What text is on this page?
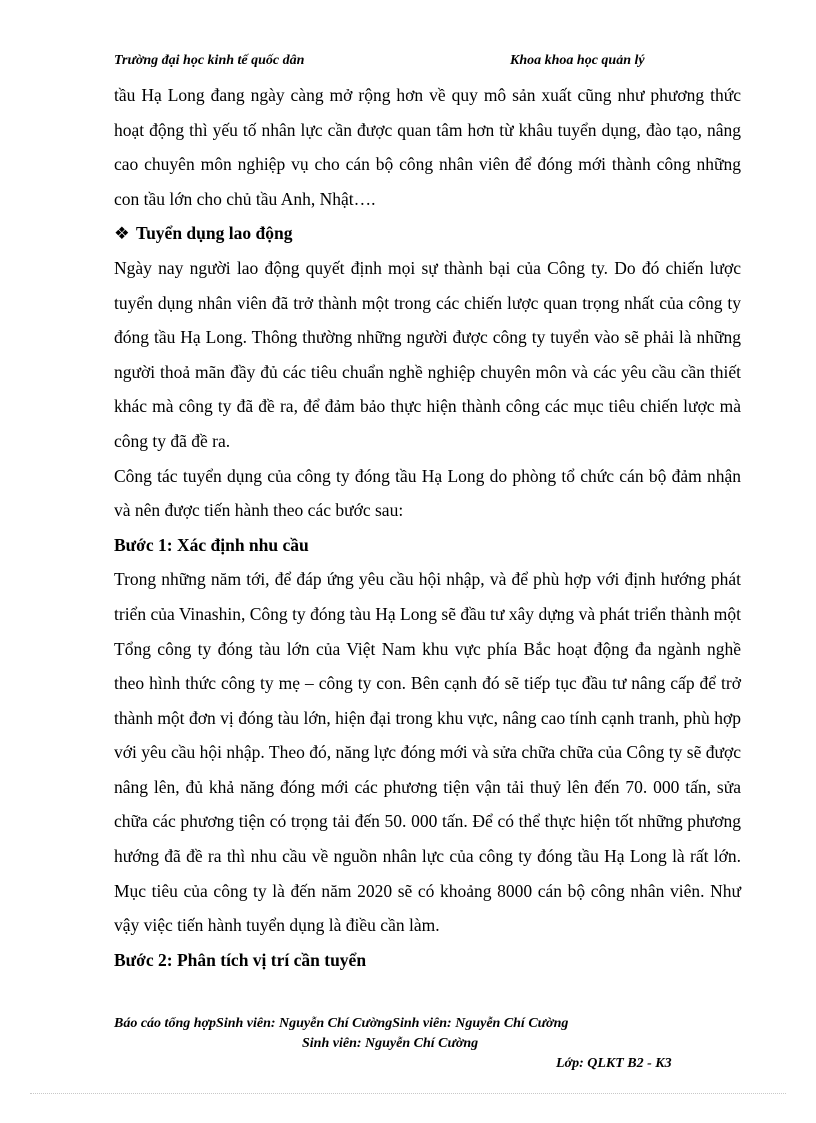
Trường đại học kinh tế quốc dân	Khoa khoa học quản lý

tầu Hạ Long đang ngày càng mở rộng hơn về quy mô sản xuất cũng như phương thức hoạt động thì yếu tố nhân lực cần được quan tâm hơn từ khâu tuyển dụng, đào tạo, nâng cao chuyên môn nghiệp vụ cho cán bộ công nhân viên để đóng mới thành công những con tầu lớn cho chủ tầu Anh, Nhật….

❖ Tuyển dụng lao động

Ngày nay người lao động quyết định mọi sự thành bại của Công ty. Do đó chiến lược tuyển dụng nhân viên đã trở thành một trong các chiến lược quan trọng nhất của công ty đóng tầu Hạ Long. Thông thường những người được công ty tuyển vào sẽ phải là những người thoả mãn đầy đủ các tiêu chuẩn nghề nghiệp chuyên môn và các yêu cầu cần thiết khác mà công ty đã đề ra, để đảm bảo thực hiện thành công các mục tiêu chiến lược mà công ty đã đề ra.

Công tác tuyển dụng của công ty đóng tầu Hạ Long do phòng tổ chức cán bộ đảm nhận và nên được tiến hành theo các bước sau:

Bước 1: Xác định nhu cầu

Trong những năm tới, để đáp ứng yêu cầu hội nhập, và để phù hợp với định hướng phát triển của Vinashin, Công ty đóng tàu Hạ Long sẽ đầu tư xây dựng và phát triển thành một Tổng công ty đóng tàu lớn của Việt Nam khu vực phía Bắc hoạt động đa ngành nghề theo hình thức công ty mẹ – công ty con. Bên cạnh đó sẽ tiếp tục đầu tư nâng cấp để trở thành một đơn vị đóng tàu lớn, hiện đại trong khu vực, nâng cao tính cạnh tranh, phù hợp với yêu cầu hội nhập. Theo đó, năng lực đóng mới và sửa chữa chữa của Công ty sẽ được nâng lên, đủ khả năng đóng mới các phương tiện vận tải thuỷ lên đến 70. 000 tấn, sửa chữa các phương tiện có trọng tải đến 50. 000 tấn. Để có thể thực hiện tốt những phương hướng đã đề ra thì nhu cầu về nguồn nhân lực của công ty đóng tầu Hạ Long là rất lớn. Mục tiêu của công ty là đến năm 2020 sẽ có khoảng 8000 cán bộ công nhân viên. Như vậy việc tiến hành tuyển dụng là điều cần làm.

Bước 2: Phân tích vị trí cần tuyển

Báo cáo tổng hợpSinh viên: Nguyễn Chí CườngSinh viên: Nguyễn Chí Cường
Sinh viên: Nguyễn Chí Cường
Lớp: QLKT B2 - K3
